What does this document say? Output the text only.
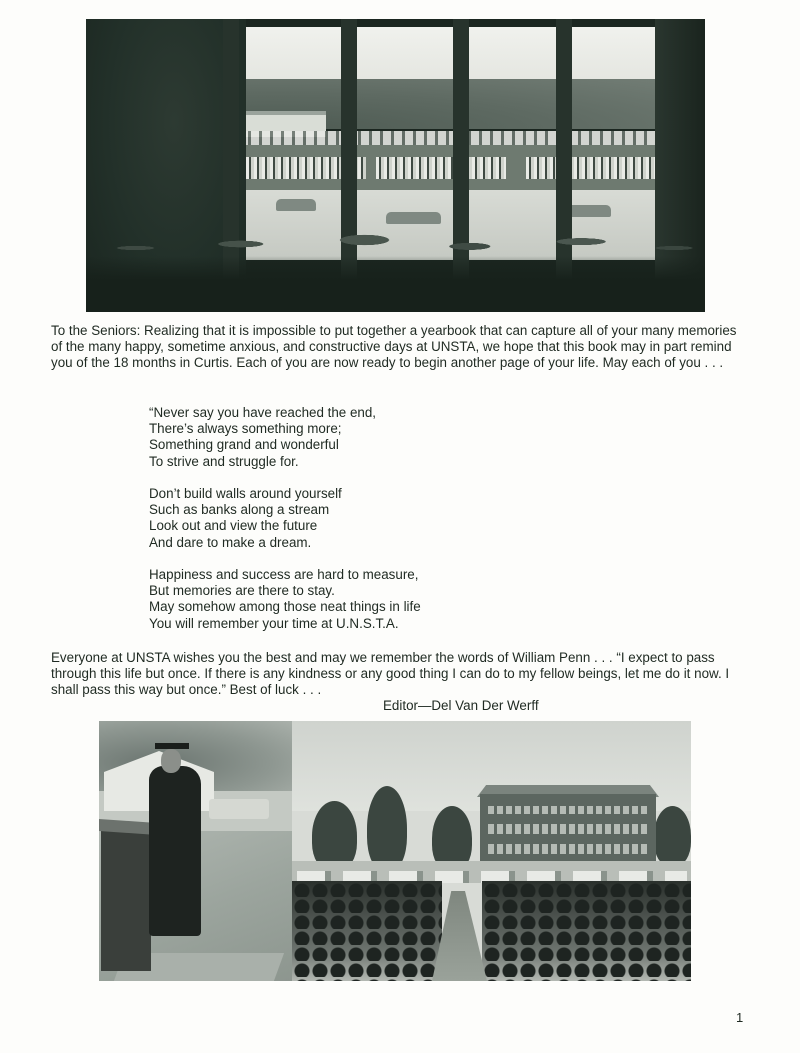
To the Seniors: Realizing that it is impossible to put together a yearbook that can capture all of your many memories of the many happy, sometime anxious, and constructive days at UNSTA, we hope that this book may in part remind you of the 18 months in Curtis. Each of you are now ready to begin another page of your life. May each of you . . .

“Never say you have reached the end,
There’s always something more;
Something grand and wonderful
To strive and struggle for.
Don’t build walls around yourself
Such as banks along a stream
Look out and view the future
And dare to make a dream.
Happiness and success are hard to measure,
But memories are there to stay.
May somehow among those neat things in life
You will remember your time at U.N.S.T.A.

Everyone at UNSTA wishes you the best and may we remember the words of William Penn . . . “I expect to pass through this life but once. If there is any kindness or any good thing I can do to my fellow beings, let me do it now. I shall pass this way but once.” Best of luck . . .

Editor—Del Van Der Werff
1
